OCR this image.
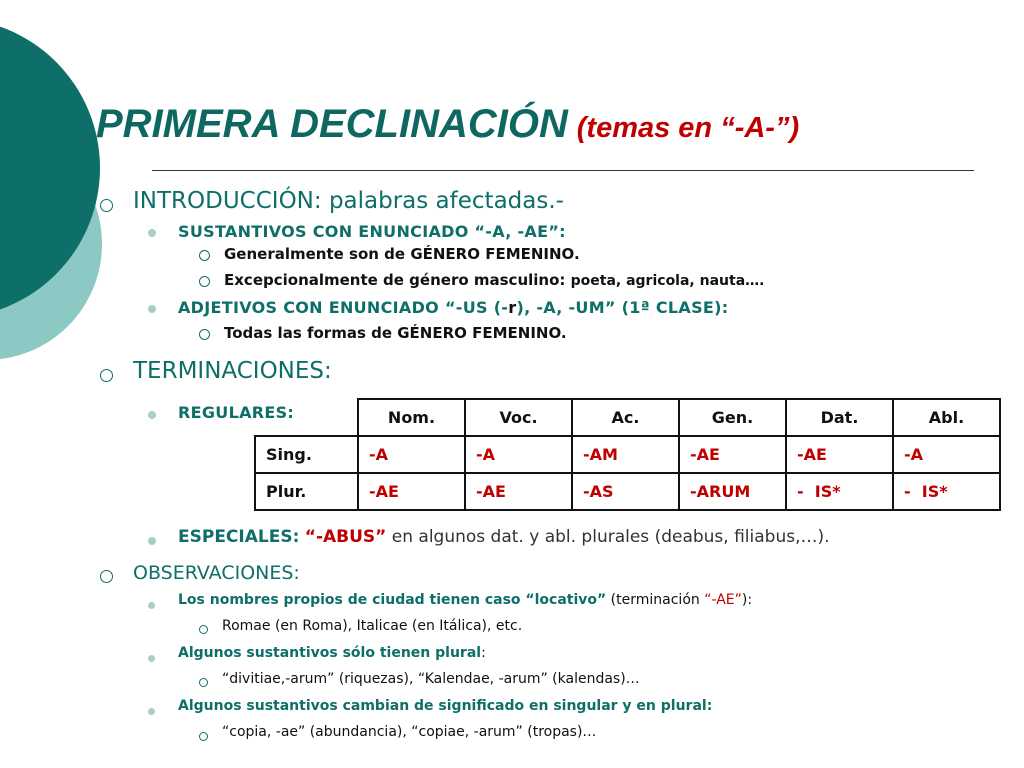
PRIMERA DECLINACIÓN (temas en “-A-”)
INTRODUCCIÓN: palabras afectadas.-
SUSTANTIVOS CON ENUNCIADO “-A, -AE”:
Generalmente son de GÉNERO FEMENINO.
Excepcionalmente de género masculino: poeta, agricola, nauta….
ADJETIVOS CON ENUNCIADO “-US (-r), -A, -UM” (1ª CLASE):
Todas las formas de GÉNERO FEMENINO.
TERMINACIONES:
REGULARES:
		Nom.	Voc.	Ac.	Gen.	Dat.	Abl.
Sing.	-A	-A	-AM	-AE	-AE	-A
Plur.	-AE	-AE	-AS	-ARUM	-  IS*	-  IS*
ESPECIALES: “-ABUS” en algunos dat. y abl. plurales (deabus, filiabus,…).
OBSERVACIONES:
Los nombres propios de ciudad tienen caso “locativo” (terminación “-AE”):
Romae (en Roma), Italicae (en Itálica), etc.
Algunos sustantivos sólo tienen plural:
“divitiae,-arum” (riquezas), “Kalendae, -arum” (kalendas)…
Algunos sustantivos cambian de significado en singular y en plural:
“copia, -ae” (abundancia), “copiae, -arum” (tropas)…
